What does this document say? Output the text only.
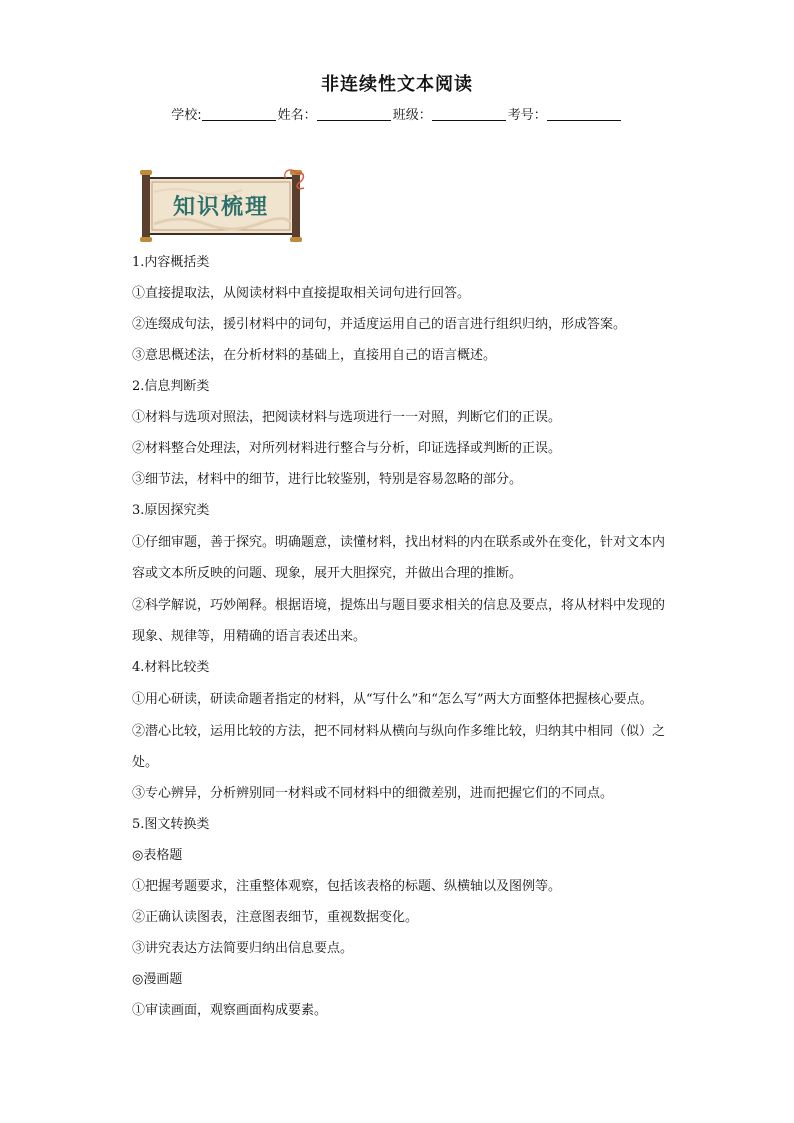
非连续性文本阅读
学校:	姓名：	班级：	考号：
知识梳理

1.内容概括类

①直接提取法，从阅读材料中直接提取相关词句进行回答。

②连缀成句法，援引材料中的词句，并适度运用自己的语言进行组织归纳，形成答案。

③意思概述法，在分析材料的基础上，直接用自己的语言概述。

2.信息判断类

①材料与选项对照法，把阅读材料与选项进行一一对照，判断它们的正误。

②材料整合处理法，对所列材料进行整合与分析，印证选择或判断的正误。

③细节法，材料中的细节，进行比较鉴别，特别是容易忽略的部分。

3.原因探究类

①仔细审题，善于探究。明确题意，读懂材料，找出材料的内在联系或外在变化，针对文本内容或文本所反映的问题、现象，展开大胆探究，并做出合理的推断。

②科学解说，巧妙阐释。根据语境，提炼出与题目要求相关的信息及要点，将从材料中发现的现象、规律等，用精确的语言表述出来。

4.材料比较类

①用心研读，研读命题者指定的材料，从“写什么”和“怎么写”两大方面整体把握核心要点。

②潜心比较，运用比较的方法，把不同材料从横向与纵向作多维比较，归纳其中相同（似）之处。

③专心辨异，分析辨别同一材料或不同材料中的细微差别，进而把握它们的不同点。

5.图文转换类

◎表格题

①把握考题要求，注重整体观察，包括该表格的标题、纵横轴以及图例等。

②正确认读图表，注意图表细节，重视数据变化。

③讲究表达方法简要归纳出信息要点。

◎漫画题

①审读画面，观察画面构成要素。
